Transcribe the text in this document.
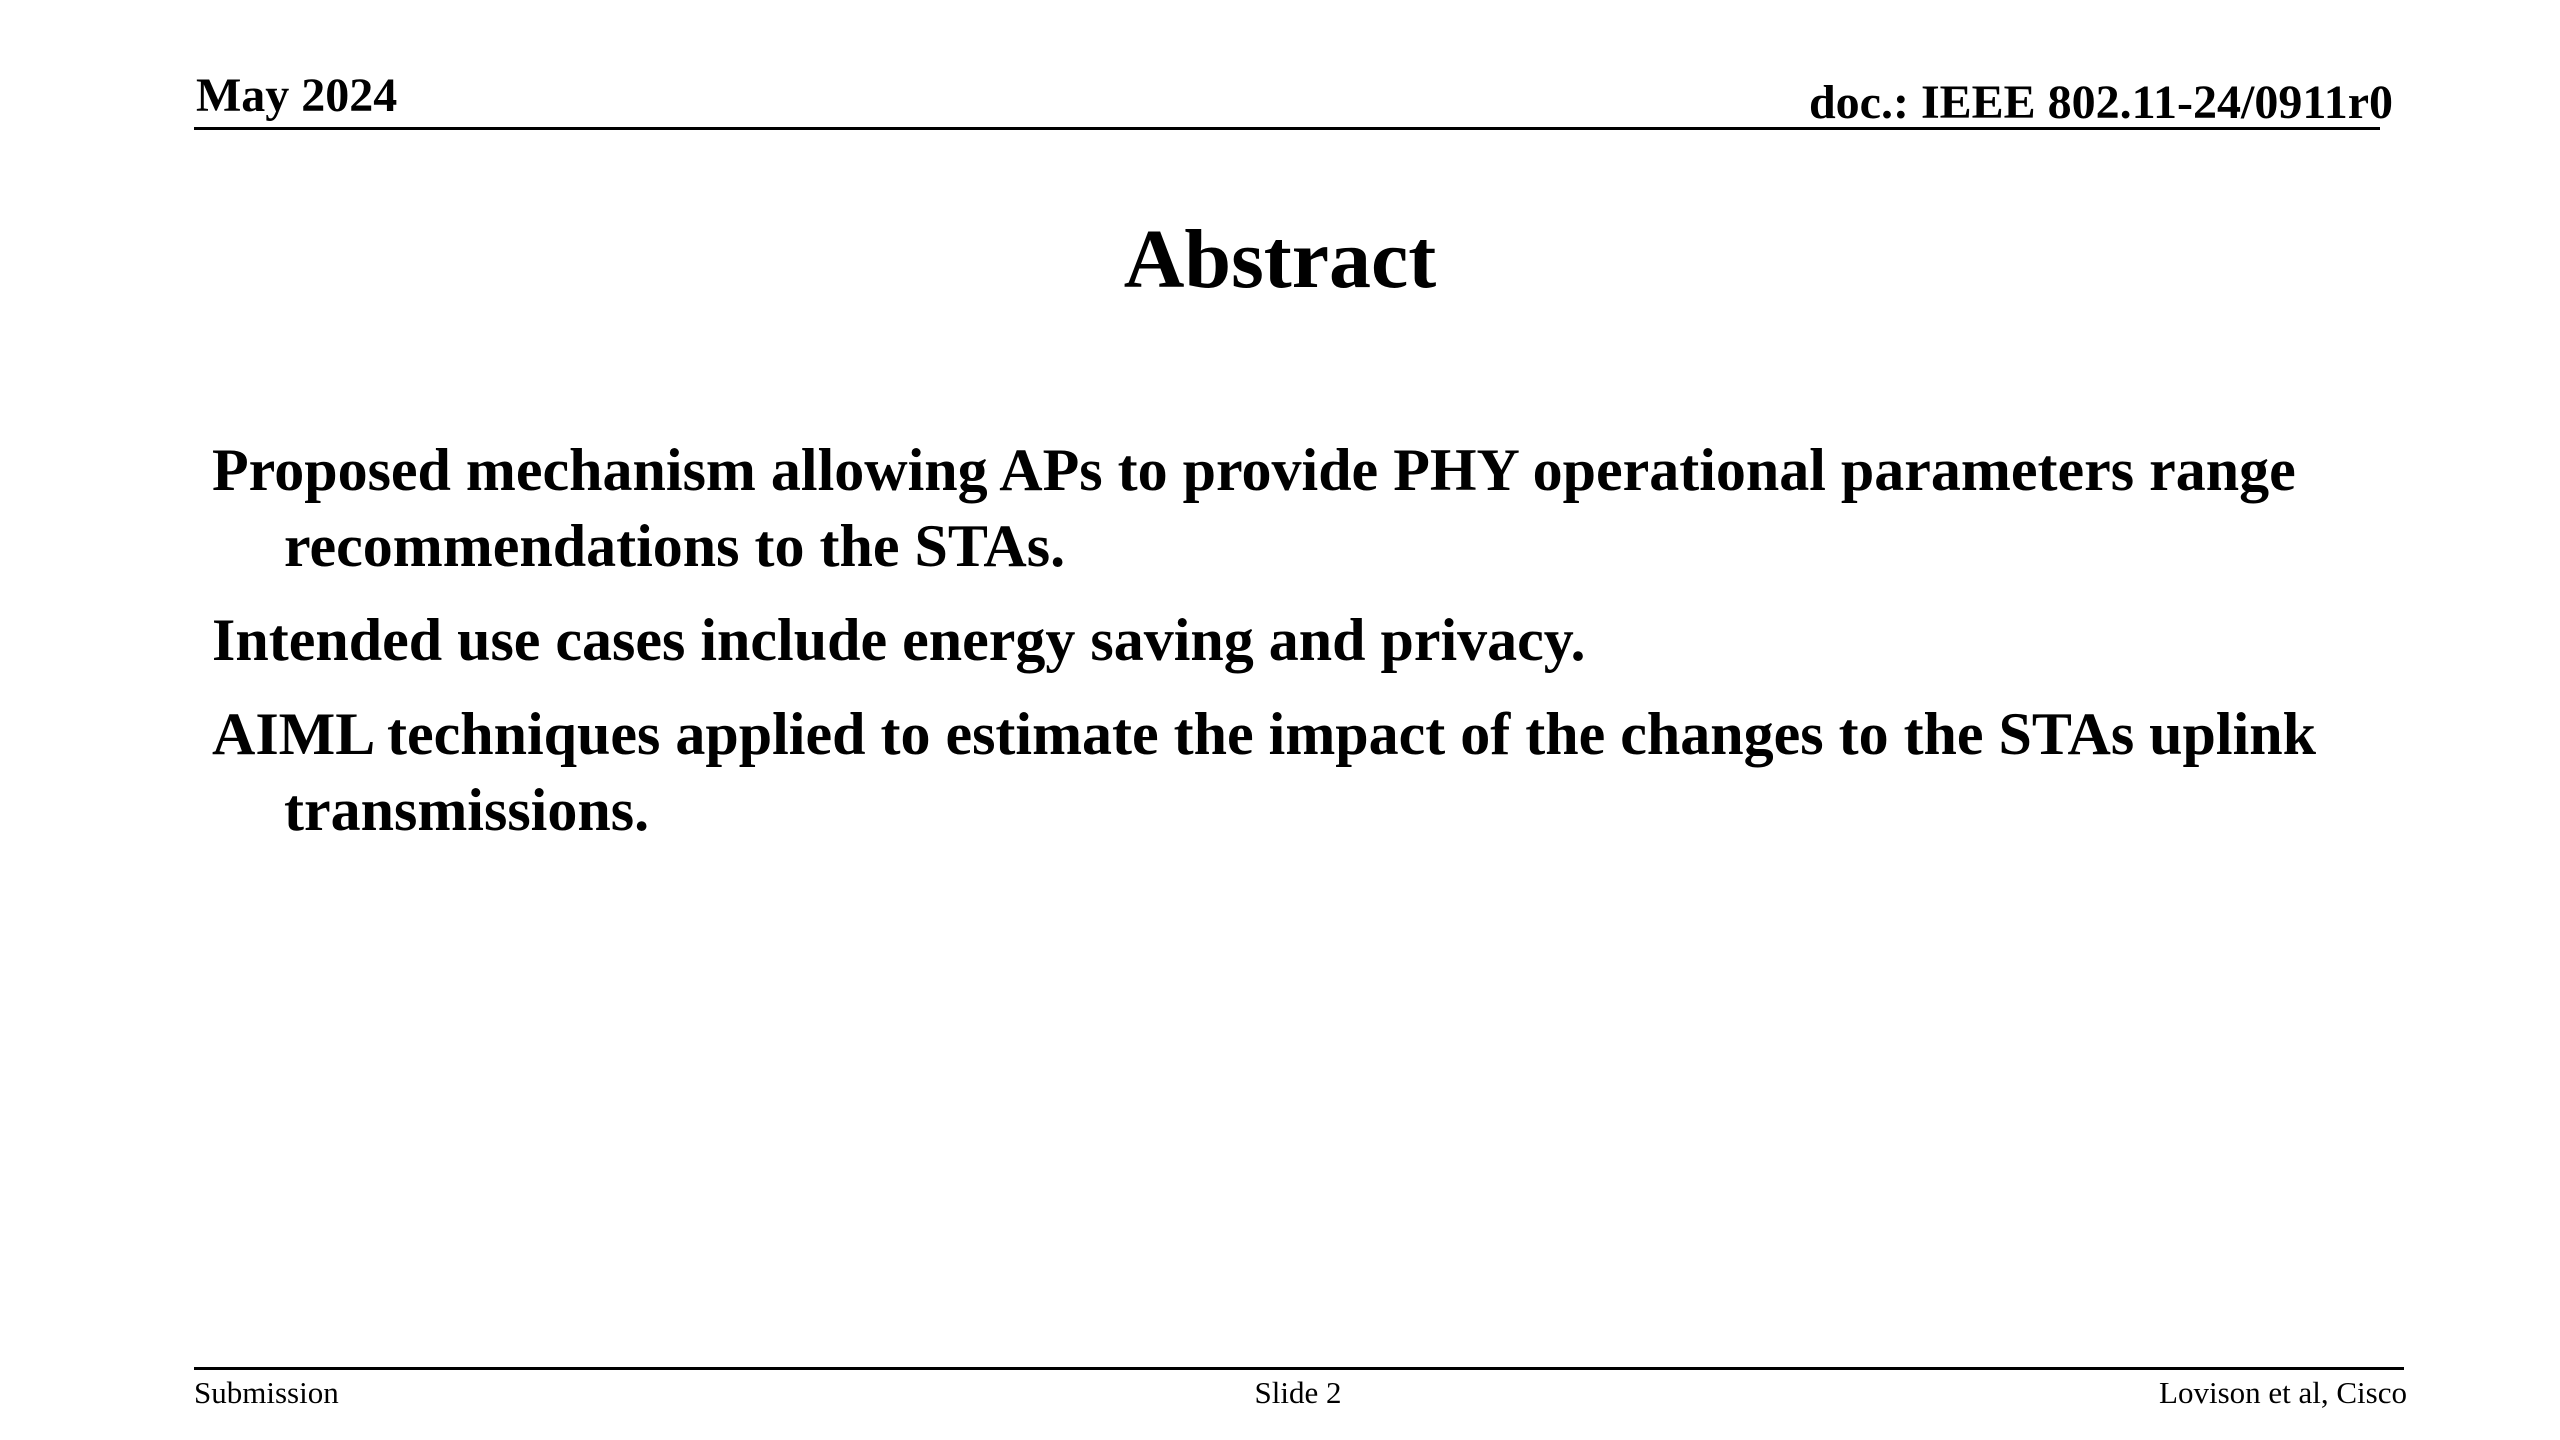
May 2024	doc.: IEEE 802.11-24/0911r0
Abstract
Proposed mechanism allowing APs to provide PHY operational parameters range recommendations to the STAs.
Intended use cases include energy saving and privacy.
AIML techniques applied to estimate the impact of the changes to the STAs uplink transmissions.
Submission	Slide 2	Lovison et al, Cisco
